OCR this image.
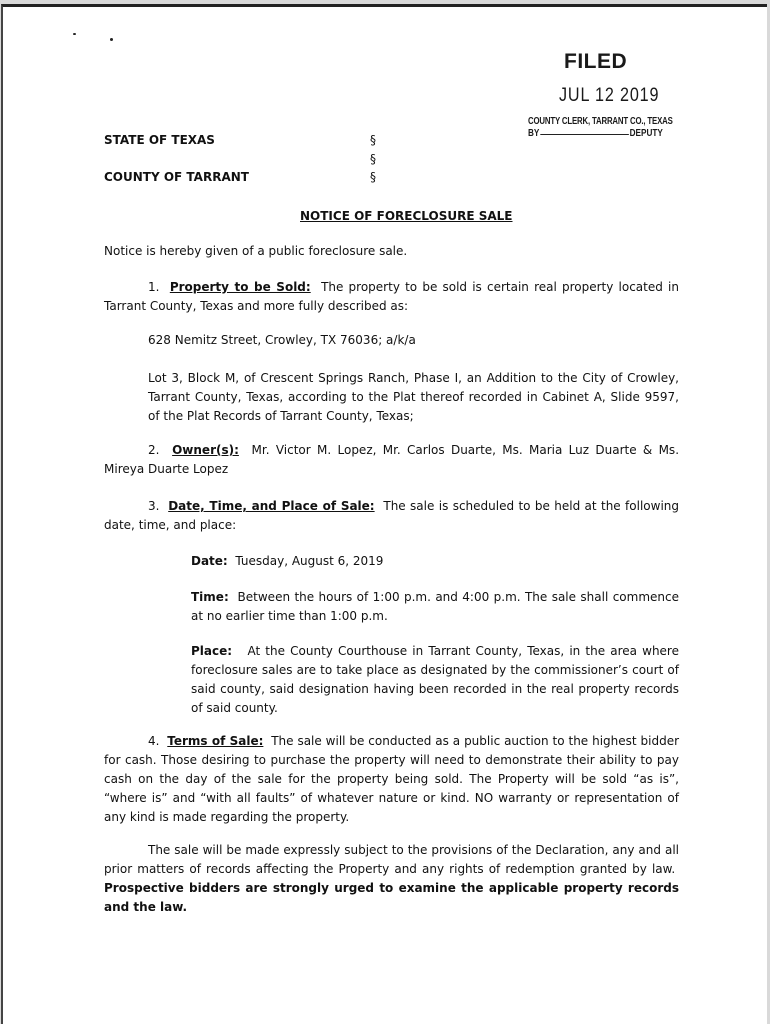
FILED
JUL 12 2019
COUNTY CLERK, TARRANT CO., TEXAS
BY	DEPUTY
STATE OF TEXAS	§
§
COUNTY OF TARRANT	§
NOTICE OF FORECLOSURE SALE
Notice is hereby given of a public foreclosure sale.
1. Property to be Sold: The property to be sold is certain real property located in Tarrant County, Texas and more fully described as:
628 Nemitz Street, Crowley, TX 76036; a/k/a
Lot 3, Block M, of Crescent Springs Ranch, Phase I, an Addition to the City of Crowley, Tarrant County, Texas, according to the Plat thereof recorded in Cabinet A, Slide 9597, of the Plat Records of Tarrant County, Texas;
2. Owner(s): Mr. Victor M. Lopez, Mr. Carlos Duarte, Ms. Maria Luz Duarte & Ms. Mireya Duarte Lopez
3. Date, Time, and Place of Sale: The sale is scheduled to be held at the following date, time, and place:
Date: Tuesday, August 6, 2019
Time: Between the hours of 1:00 p.m. and 4:00 p.m. The sale shall commence at no earlier time than 1:00 p.m.
Place: At the County Courthouse in Tarrant County, Texas, in the area where foreclosure sales are to take place as designated by the commissioner’s court of said county, said designation having been recorded in the real property records of said county.
4. Terms of Sale: The sale will be conducted as a public auction to the highest bidder for cash. Those desiring to purchase the property will need to demonstrate their ability to pay cash on the day of the sale for the property being sold. The Property will be sold “as is”, “where is” and “with all faults” of whatever nature or kind. NO warranty or representation of any kind is made regarding the property.
The sale will be made expressly subject to the provisions of the Declaration, any and all prior matters of records affecting the Property and any rights of redemption granted by law.  Prospective bidders are strongly urged to examine the applicable property records and the law.
